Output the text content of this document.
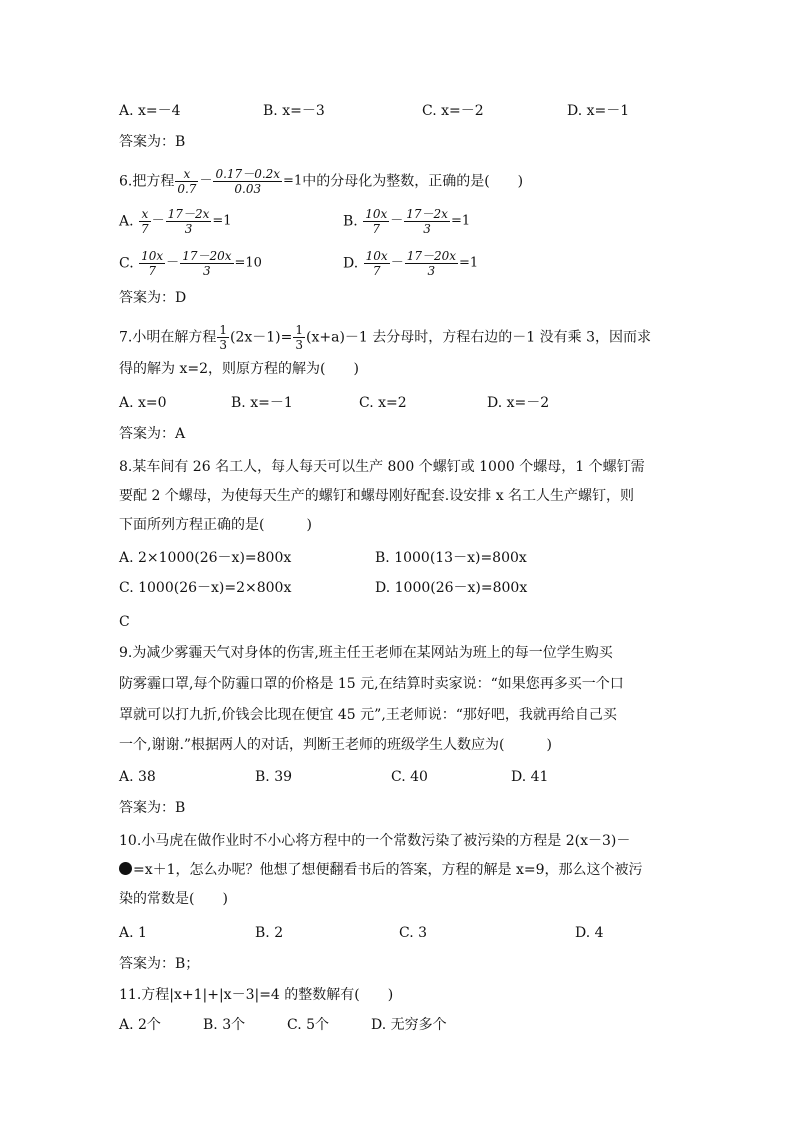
A. x=－4	B. x=－3	C. x=－2	D. x=－1
答案为：B
6.把方程 $\frac{x}{0.7} - \frac{0.17-0.2x}{0.03} =1$中的分母化为整数，正确的是(　　)
A. $\frac{x}{7} - \frac{17-2x}{3} =1$	B. $\frac{10x}{7} - \frac{17-2x}{3} =1$
C. $\frac{10x}{7} - \frac{17-20x}{3} =10$	D. $\frac{10x}{7} - \frac{17-20x}{3} =1$
答案为：D
7.小明在解方程 $\frac{1}{3} (2x-1)= \frac{1}{3} (x+a)-1$ 去分母时，方程右边的－1 没有乘 3，因而求
得的解为 x=2，则原方程的解为(　　)
A. x=0	B. x=－1	C. x=2	D. x=－2
答案为：A
8.某车间有 26 名工人，每人每天可以生产 800 个螺钉或 1000 个螺母，1 个螺钉需
要配 2 个螺母，为使每天生产的螺钉和螺母刚好配套.设安排 x 名工人生产螺钉，则
下面所列方程正确的是(　　　)
A. 2×1000(26－x)=800x	B. 1000(13－x)=800x
C. 1000(26－x)=2×800x	D. 1000(26－x)=800x
C
9.为减少雾霾天气对身体的伤害,班主任王老师在某网站为班上的每一位学生购买
防雾霾口罩,每个防霾口罩的价格是 15 元,在结算时卖家说：“如果您再多买一个口
罩就可以打九折,价钱会比现在便宜 45 元”,王老师说：“那好吧，我就再给自己买
一个,谢谢.”根据两人的对话，判断王老师的班级学生人数应为(　　　)
A. 38	B. 39	C. 40	D. 41
答案为：B
10.小马虎在做作业时不小心将方程中的一个常数污染了被污染的方程是 2(x－3)－
=x＋1，怎么办呢？他想了想便翻看书后的答案，方程的解是 x=9，那么这个被污
染的常数是(　　)
A. 1	B. 2	C. 3	D. 4
答案为：B；
11.方程|x+1|+|x－3|=4 的整数解有(　　)
A. 2个	B. 3个	C. 5个	D. 无穷多个
